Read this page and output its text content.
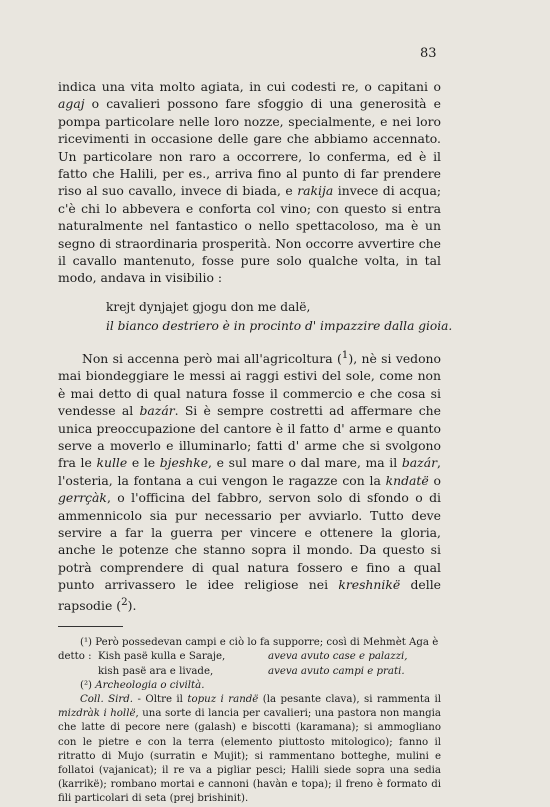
83

indica una vita molto agiata, in cui codesti re, o capitani o agaj o cavalieri possono fare sfoggio di una generosità e pompa particolare nelle loro nozze, specialmente, e nei loro ricevimenti in occasione delle gare che abbiamo accennato. Un particolare non raro a occorrere, lo conferma, ed è il fatto che Halili, per es., arriva fino al punto di far prendere riso al suo cavallo, invece di biada, e rakija invece di acqua; c'è chi lo abbevera e conforta col vino; con questo si entra naturalmente nel fantastico o nello spettacoloso, ma è un segno di straordinaria prosperità. Non occorre avvertire che il cavallo mantenuto, fosse pure solo qualche volta, in tal modo, andava in visibilio :

krejt dynjajet gjogu don me dalë,
il bianco destriero è in procinto d' impazzire dalla gioia.

Non si accenna però mai all'agricoltura ($^1$), nè si vedono mai biondeggiare le messi ai raggi estivi del sole, come non è mai detto di qual natura fosse il commercio e che cosa si vendesse al bazár. Si è sempre costretti ad affermare che unica preoccupazione del cantore è il fatto d' arme e quanto serve a moverlo e illuminarlo; fatti d' arme che si svolgono fra le kulle e le bjeshke, e sul mare o dal mare, ma il bazár, l'osteria, la fontana a cui vengon le ragazze con la kndatë o gerrçàk, o l'officina del fabbro, servon solo di sfondo o di ammennicolo sia pur necessario per avviarlo. Tutto deve servire a far la guerra per vincere e ottenere la gloria, anche le potenze che stanno sopra il mondo. Da questo si potrà comprendere di qual natura fossero e fino a qual punto arrivassero le idee religiose nei kreshnikë delle rapsodie ($^2$).

(¹) Però possedevan campi e ciò lo fa supporre; così di Mehmèt Aga è

detto : Kish pasë kulla e Saraje,	aveva avuto case e palazzi,
kish pasë ara e livade,	aveva avuto campi e prati.

(²) Archeologia o civiltà.

Coll. Sird. - Oltre il topuz i randë (la pesante clava), si rammenta il mizdràk i hollë, una sorte di lancia per cavalieri; una pastora non mangia che latte di pecore nere (galash) e biscotti (karamana); si ammogliano con le pietre e con la terra (elemento piuttosto mitologico); fanno il ritratto di Mujo (surratin e Mujit); si rammentano botteghe, mulini e follatoi (vajanicat); il re va a pigliar pesci; Halili siede sopra una sedia (karrikë); rombano mortai e cannoni (havàn e topa); il freno è formato di fili particolari di seta (prej brishinit).
